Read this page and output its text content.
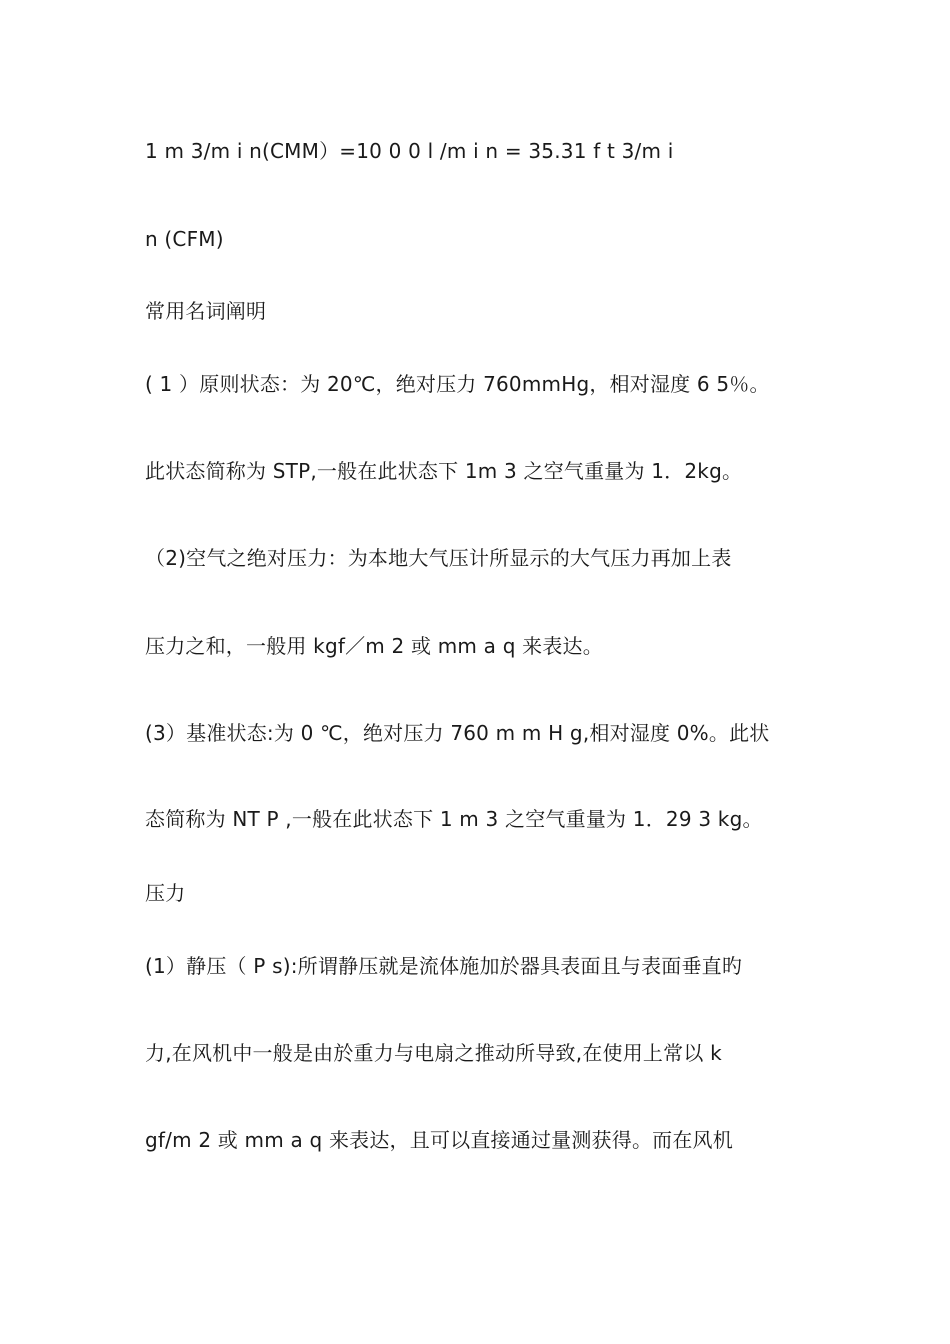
1 m 3/m i n(CMM）=10 0 0 l /m i n = 35.31 f t 3/m i
n (CFM)
常用名词阐明
( 1 ）原则状态：为 20℃，绝对压力 760mmHg，相对湿度 6 5％。
此状态简称为 STP,一般在此状态下 1m 3 之空气重量为 1．2kg。
（2)空气之绝对压力：为本地大气压计所显示的大气压力再加上表
压力之和，一般用 kgf／m 2 或 mm a q 来表达。
(3）基准状态:为 0 ℃，绝对压力 760 m m H g,相对湿度 0%。此状
态简称为 NT P ,一般在此状态下 1 m 3 之空气重量为 1．29 3 kg。
压力
(1）静压（ P s):所谓静压就是流体施加於器具表面且与表面垂直旳
力,在风机中一般是由於重力与电扇之推动所导致,在使用上常以 k
gf/m 2 或 mm a q 来表达，且可以直接通过量测获得。而在风机
